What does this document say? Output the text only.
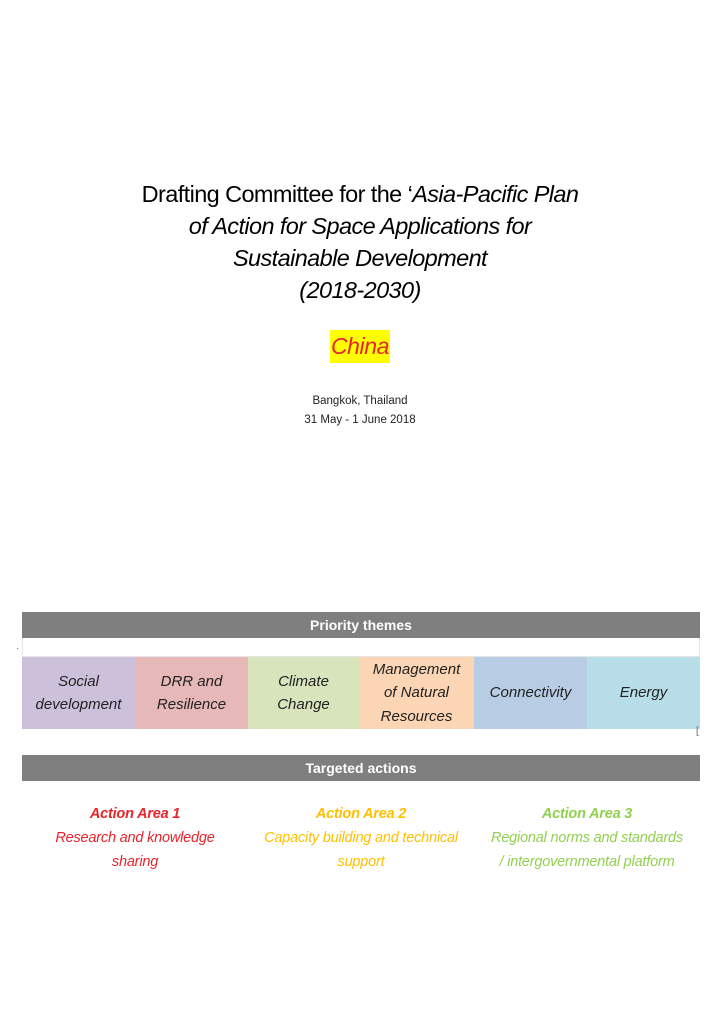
Drafting Committee for the ‘Asia-Pacific Plan
of Action for Space Applications for
Sustainable Development
(2018-2030)
China
Bangkok, Thailand
31 May - 1 June 2018
Priority themes
·
Social
development
DRR and
Resilience
Climate
Change
Management
of Natural
Resources
Connectivity	Energy
[
Targeted actions
Action Area 1
Research and knowledge
sharing
Action Area 2
Capacity building and technical
support
Action Area 3
Regional norms and standards
/ intergovernmental platform
